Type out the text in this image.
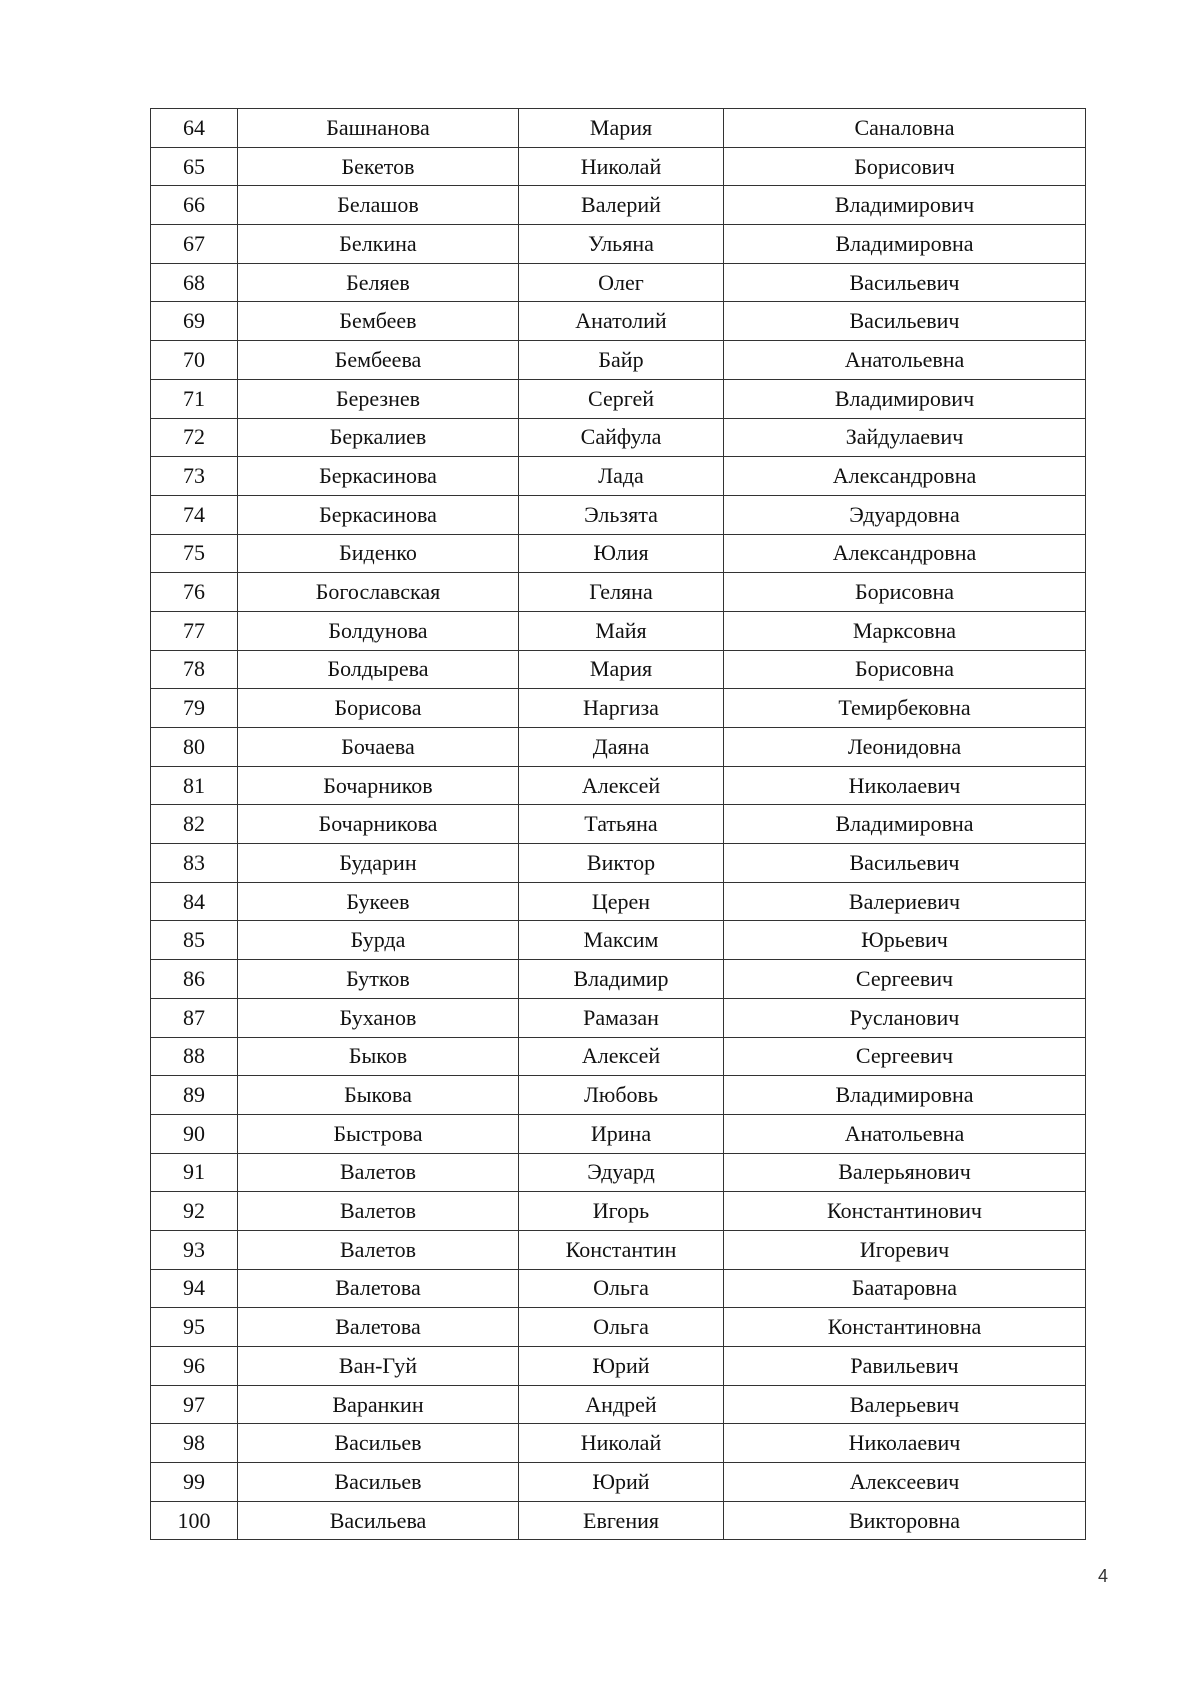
64	Башнанова	Мария	Саналовна
65	Бекетов	Николай	Борисович
66	Белашов	Валерий	Владимирович
67	Белкина	Ульяна	Владимировна
68	Беляев	Олег	Васильевич
69	Бембеев	Анатолий	Васильевич
70	Бембеева	Байр	Анатольевна
71	Березнев	Сергей	Владимирович
72	Беркалиев	Сайфула	Зайдулаевич
73	Беркасинова	Лада	Александровна
74	Беркасинова	Эльзята	Эдуардовна
75	Биденко	Юлия	Александровна
76	Богославская	Геляна	Борисовна
77	Болдунова	Майя	Марксовна
78	Болдырева	Мария	Борисовна
79	Борисова	Наргиза	Темирбековна
80	Бочаева	Даяна	Леонидовна
81	Бочарников	Алексей	Николаевич
82	Бочарникова	Татьяна	Владимировна
83	Бударин	Виктор	Васильевич
84	Букеев	Церен	Валериевич
85	Бурда	Максим	Юрьевич
86	Бутков	Владимир	Сергеевич
87	Буханов	Рамазан	Русланович
88	Быков	Алексей	Сергеевич
89	Быкова	Любовь	Владимировна
90	Быстрова	Ирина	Анатольевна
91	Валетов	Эдуард	Валерьянович
92	Валетов	Игорь	Константинович
93	Валетов	Константин	Игоревич
94	Валетова	Ольга	Баатаровна
95	Валетова	Ольга	Константиновна
96	Ван-Гуй	Юрий	Равильевич
97	Варанкин	Андрей	Валерьевич
98	Васильев	Николай	Николаевич
99	Васильев	Юрий	Алексеевич
100	Васильева	Евгения	Викторовна
4
